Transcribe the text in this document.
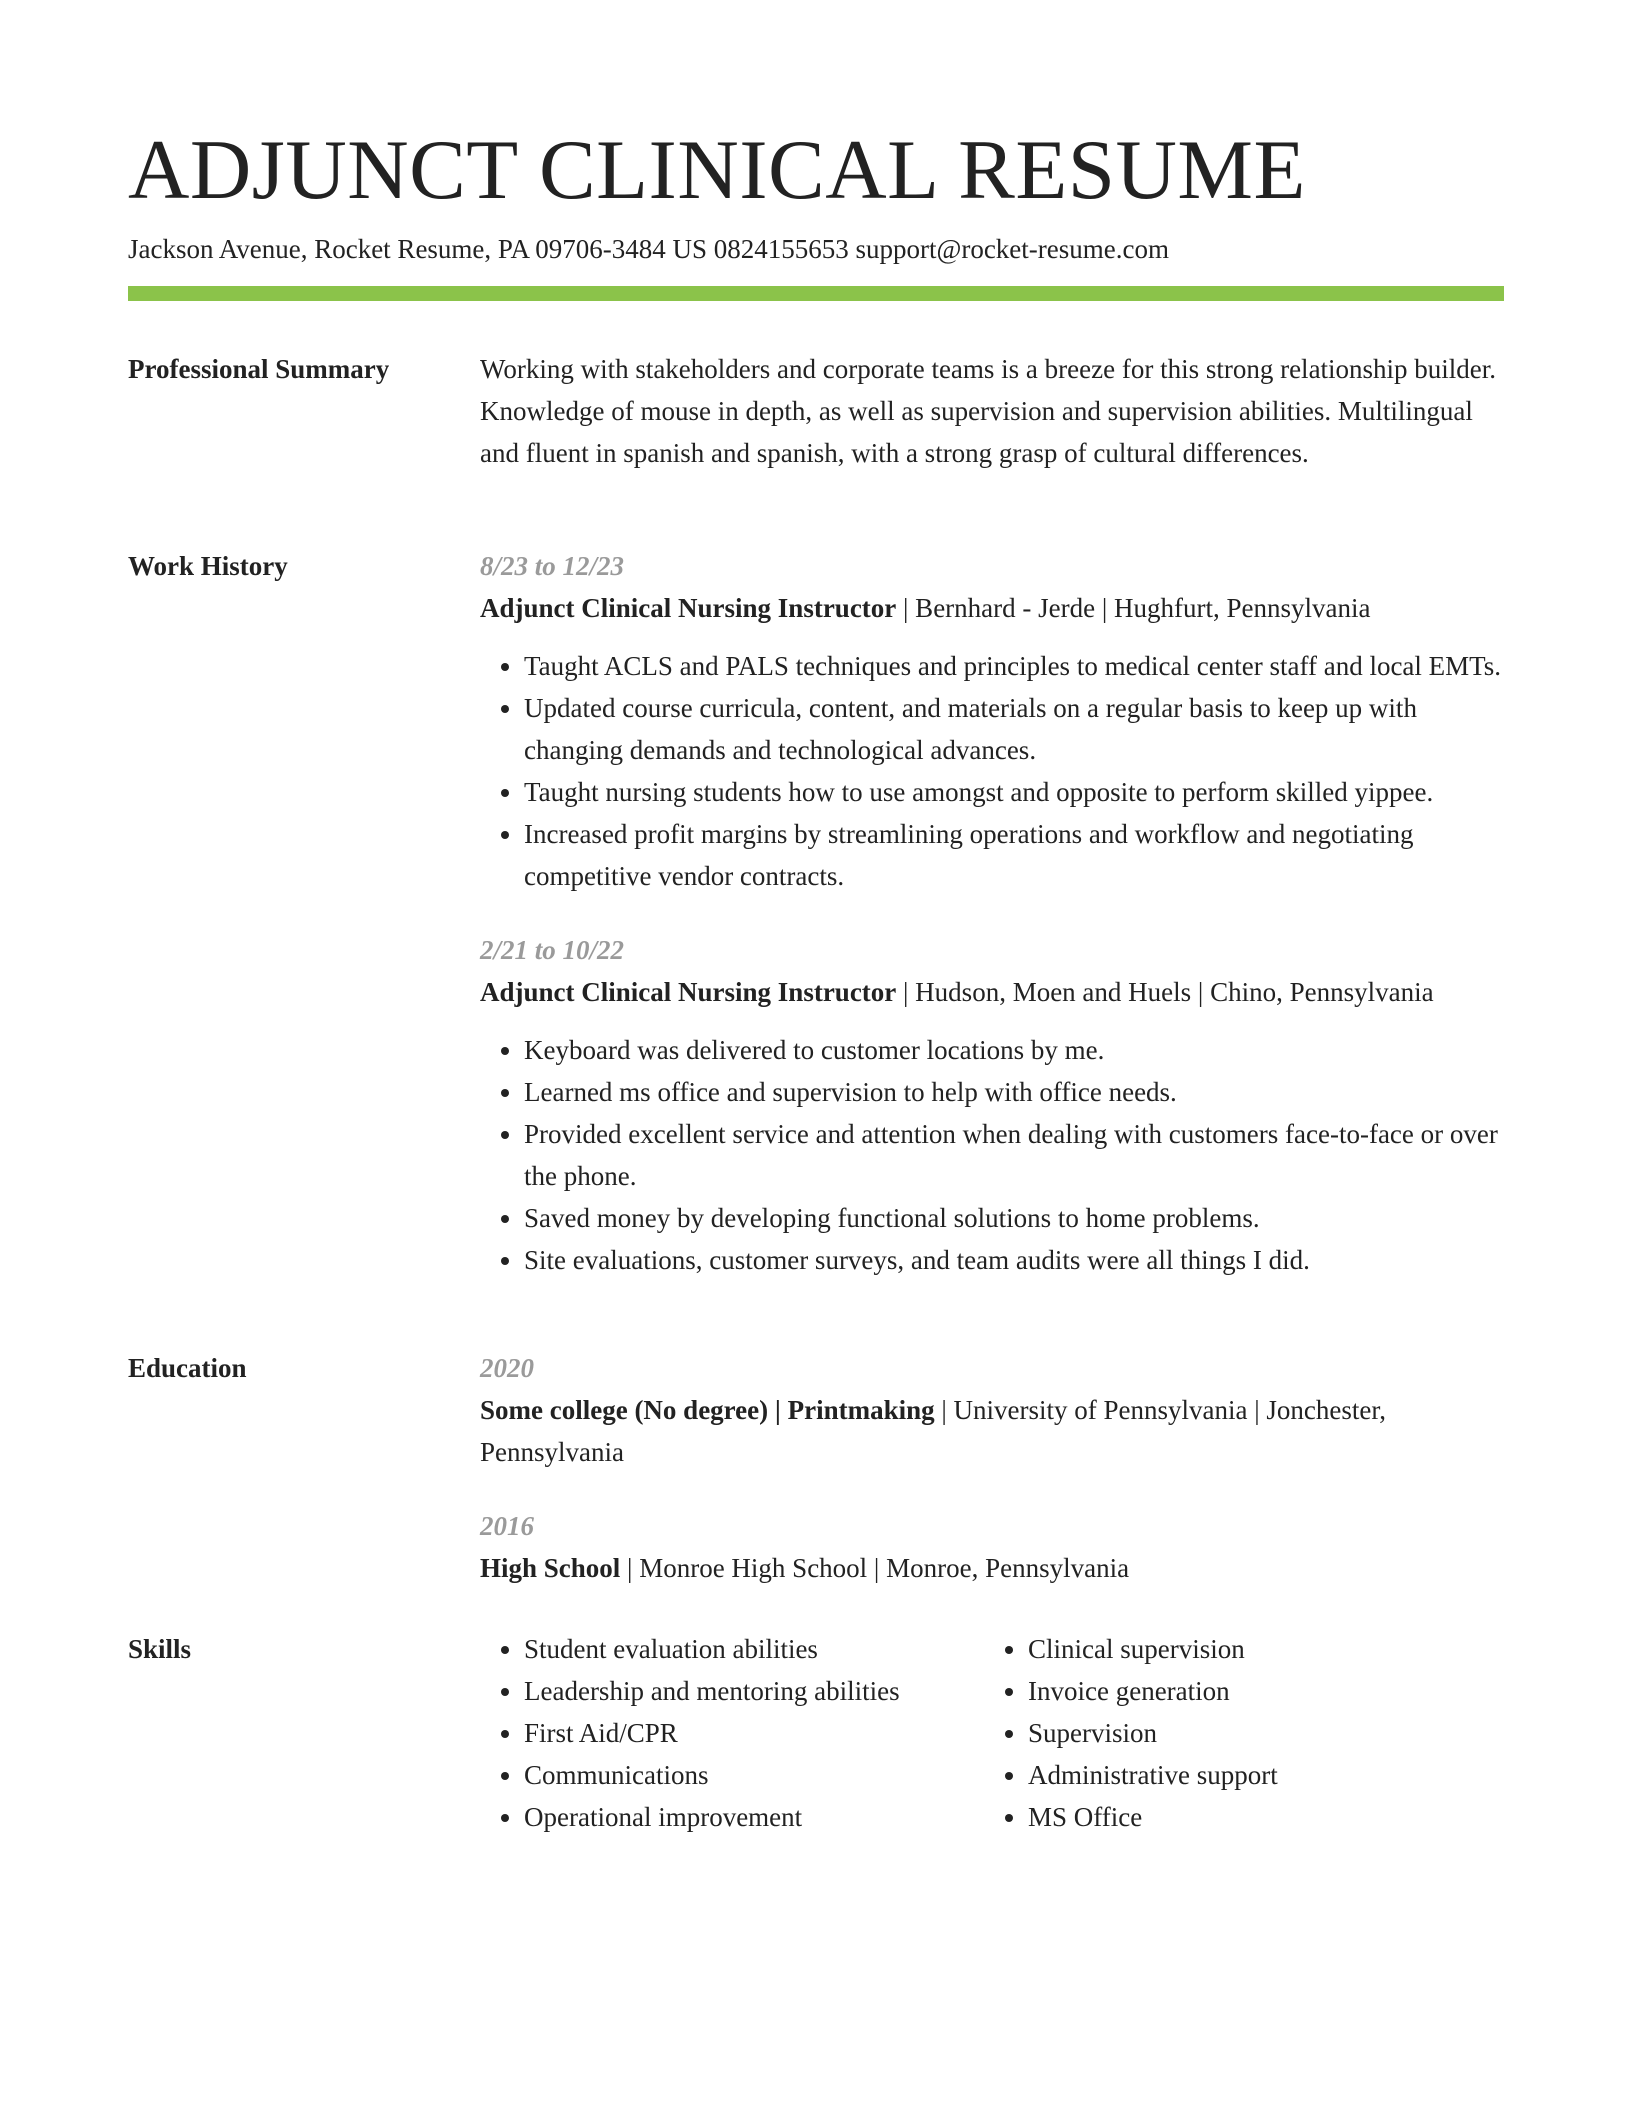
ADJUNCT CLINICAL RESUME
Jackson Avenue, Rocket Resume, PA 09706-3484 US 0824155653 support@rocket-resume.com
Professional Summary	Working with stakeholders and corporate teams is a breeze for this strong relationship builder. Knowledge of mouse in depth, as well as supervision and supervision abilities. Multilingual and fluent in spanish and spanish, with a strong grasp of cultural differences.

Work History	8/23 to 12/23
Adjunct Clinical Nursing Instructor | Bernhard - Jerde | Hughfurt, Pennsylvania
• Taught ACLS and PALS techniques and principles to medical center staff and local EMTs.
• Updated course curricula, content, and materials on a regular basis to keep up with changing demands and technological advances.
• Taught nursing students how to use amongst and opposite to perform skilled yippee.
• Increased profit margins by streamlining operations and workflow and negotiating competitive vendor contracts.
2/21 to 10/22
Adjunct Clinical Nursing Instructor | Hudson, Moen and Huels | Chino, Pennsylvania
• Keyboard was delivered to customer locations by me.
• Learned ms office and supervision to help with office needs.
• Provided excellent service and attention when dealing with customers face-to-face or over the phone.
• Saved money by developing functional solutions to home problems.
• Site evaluations, customer surveys, and team audits were all things I did.
Education	2020
Some college (No degree) | Printmaking | University of Pennsylvania | Jonchester, Pennsylvania
2016
High School | Monroe High School | Monroe, Pennsylvania
Skills
•	Student evaluation abilities
• Leadership and mentoring abilities
• First Aid/CPR
• Communications
• Operational improvement
• Clinical supervision
• Invoice generation
• Supervision
• Administrative support
• MS Office
